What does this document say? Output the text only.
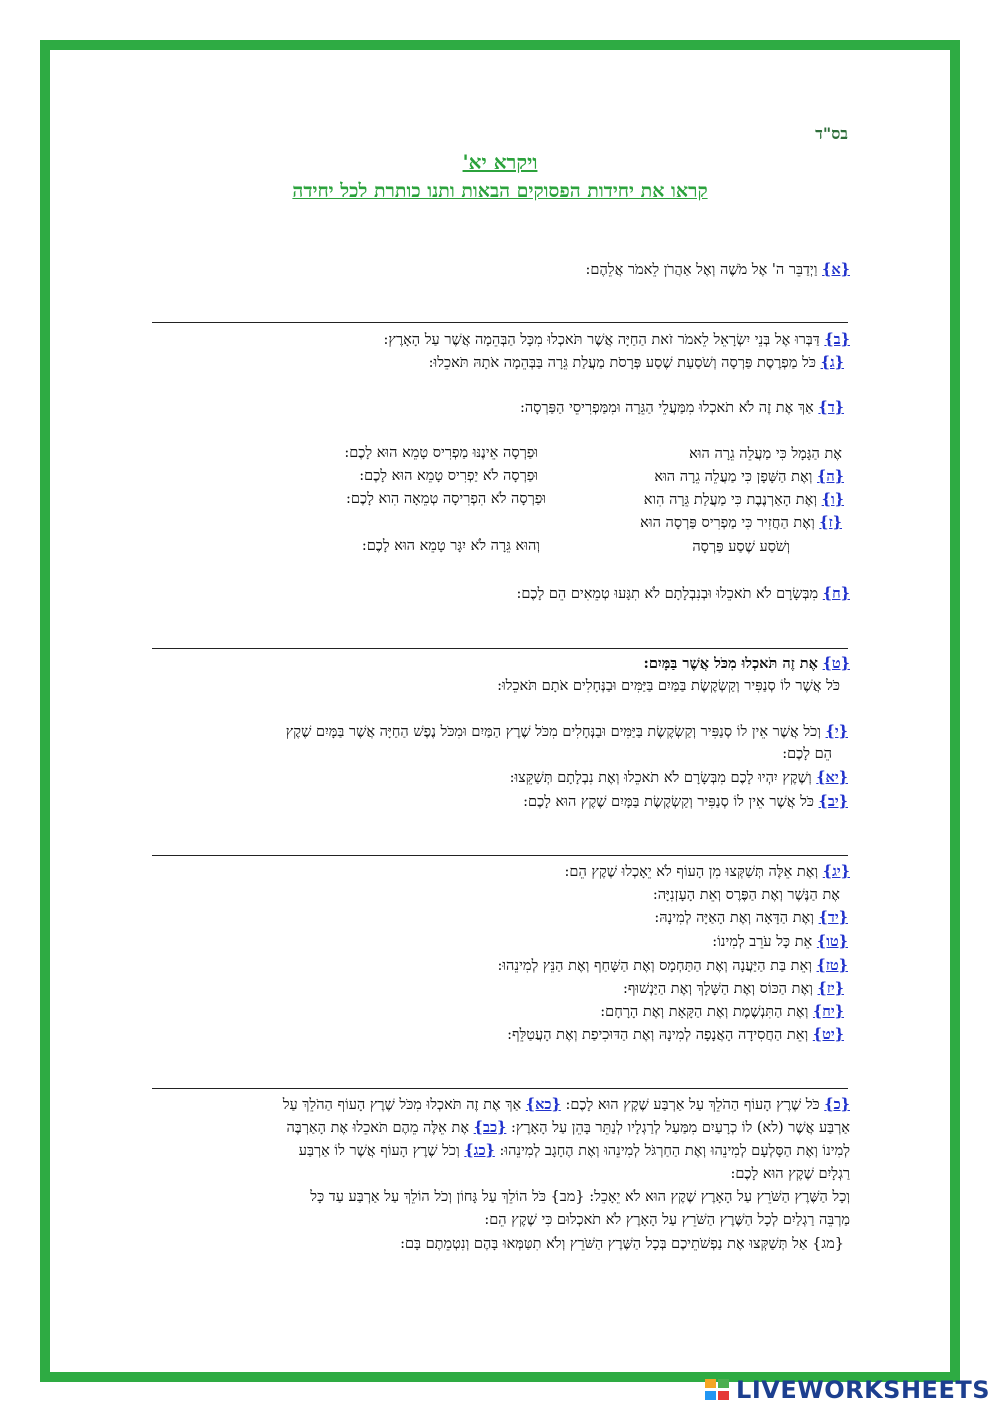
בס"ד
ויקרא יא'
קראו את יחידות הפסוקים הבאות ותנו כותרת לכל יחידה
{א} וַיְדַבֵּר ה' אֶל מֹשֶׁה וְאֶל אַהֲרֹן לֵאמֹר אֲלֵהֶם:
{ב} דַּבְּרוּ אֶל בְּנֵי יִשְׂרָאֵל לֵאמֹר זֹאת הַחַיָּה אֲשֶׁר תֹּאכְלוּ מִכָּל הַבְּהֵמָה אֲשֶׁר עַל הָאָרֶץ:
{ג} כֹּל מַפְרֶסֶת פַּרְסָה וְשֹׁסַעַת שֶׁסַע פְּרָסֹת מַעֲלַת גֵּרָה בַּבְּהֵמָה אֹתָהּ תֹּאכֵלוּ:
{ד} אַךְ אֶת זֶה לֹא תֹאכְלוּ מִמַּעֲלֵי הַגֵּרָה וּמִמַּפְרִיסֵי הַפַּרְסָה:
אֶת הַגָּמָל כִּי מַעֲלֵה גֵרָה הוּא
וּפַרְסָה אֵינֶנּוּ מַפְרִיס טָמֵא הוּא לָכֶם:
{ה} וְאֶת הַשָּׁפָן כִּי מַעֲלֵה גֵרָה הוּא
וּפַרְסָה לֹא יַפְרִיס טָמֵא הוּא לָכֶם:
{ו} וְאֶת הָאַרְנֶבֶת כִּי מַעֲלַת גֵּרָה הִוא
וּפַרְסָה לֹא הִפְרִיסָה טְמֵאָה הִוא לָכֶם:
{ז} וְאֶת הַחֲזִיר כִּי מַפְרִיס פַּרְסָה הוּא
וְשֹׁסַע שֶׁסַע פַּרְסָה
וְהוּא גֵּרָה לֹא יִגָּר טָמֵא הוּא לָכֶם:
{ח} מִבְּשָׂרָם לֹא תֹאכֵלוּ וּבְנִבְלָתָם לֹא תִגָּעוּ טְמֵאִים הֵם לָכֶם:
{ט} אֶת זֶה תֹּאכְלוּ מִכֹּל אֲשֶׁר בַּמָּיִם:
כֹּל אֲשֶׁר לוֹ סְנַפִּיר וְקַשְׂקֶשֶׂת בַּמַּיִם בַּיַּמִּים וּבַנְּחָלִים אֹתָם תֹּאכֵלוּ:
{י} וְכֹל אֲשֶׁר אֵין לוֹ סְנַפִּיר וְקַשְׂקֶשֶׂת בַּיַּמִּים וּבַנְּחָלִים מִכֹּל שֶׁרֶץ הַמַּיִם וּמִכֹּל נֶפֶשׁ הַחַיָּה אֲשֶׁר בַּמָּיִם שֶׁקֶץ
הֵם לָכֶם:
{יא} וְשֶׁקֶץ יִהְיוּ לָכֶם מִבְּשָׂרָם לֹא תֹאכֵלוּ וְאֶת נִבְלָתָם תְּשַׁקֵּצוּ:
{יב} כֹּל אֲשֶׁר אֵין לוֹ סְנַפִּיר וְקַשְׂקֶשֶׂת בַּמָּיִם שֶׁקֶץ הוּא לָכֶם:
{יג} וְאֶת אֵלֶּה תְּשַׁקְּצוּ מִן הָעוֹף לֹא יֵאָכְלוּ שֶׁקֶץ הֵם:
אֶת הַנֶּשֶׁר וְאֶת הַפֶּרֶס וְאֵת הָעָזְנִיָּה:
{יד} וְאֶת הַדָּאָה וְאֶת הָאַיָּה לְמִינָהּ:
{טו} אֵת כָּל עֹרֵב לְמִינוֹ:
{טז} וְאֵת בַּת הַיַּעֲנָה וְאֶת הַתַּחְמָס וְאֶת הַשָּׁחַף וְאֶת הַנֵּץ לְמִינֵהוּ:
{יז} וְאֶת הַכּוֹס וְאֶת הַשָּׁלָךְ וְאֶת הַיַּנְשׁוּף:
{יח} וְאֶת הַתִּנְשֶׁמֶת וְאֶת הַקָּאָת וְאֶת הָרָחָם:
{יט} וְאֵת הַחֲסִידָה הָאֲנָפָה לְמִינָהּ וְאֶת הַדּוּכִיפַת וְאֶת הָעֲטַלֵּף:
{כ} כֹּל שֶׁרֶץ הָעוֹף הַהֹלֵךְ עַל אַרְבַּע שֶׁקֶץ הוּא לָכֶם: {כא} אַךְ אֶת זֶה תֹּאכְלוּ מִכֹּל שֶׁרֶץ הָעוֹף הַהֹלֵךְ עַל
אַרְבַּע אֲשֶׁר (לא) לוֹ כְרָעַיִם מִמַּעַל לְרַגְלָיו לְנַתֵּר בָּהֵן עַל הָאָרֶץ: {כב} אֶת אֵלֶּה מֵהֶם תֹּאכֵלוּ אֶת הָאַרְבֶּה
לְמִינוֹ וְאֶת הַסָּלְעָם לְמִינֵהוּ וְאֶת הַחַרְגֹּל לְמִינֵהוּ וְאֶת הֶחָגָב לְמִינֵהוּ: {כג} וְכֹל שֶׁרֶץ הָעוֹף אֲשֶׁר לוֹ אַרְבַּע
רַגְלָיִם שֶׁקֶץ הוּא לָכֶם:
וְכָל הַשֶּׁרֶץ הַשֹּׁרֵץ עַל הָאָרֶץ שֶׁקֶץ הוּא לֹא יֵאָכֵל: {מב} כֹּל הוֹלֵךְ עַל גָּחוֹן וְכֹל הוֹלֵךְ עַל אַרְבַּע עַד כָּל
מַרְבֵּה רַגְלַיִם לְכָל הַשֶּׁרֶץ הַשֹּׁרֵץ עַל הָאָרֶץ לֹא תֹאכְלוּם כִּי שֶׁקֶץ הֵם:
{מג} אַל תְּשַׁקְּצוּ אֶת נַפְשֹׁתֵיכֶם בְּכָל הַשֶּׁרֶץ הַשֹּׁרֵץ וְלֹא תִטַּמְּאוּ בָּהֶם וְנִטְמֵתֶם בָּם:
LIVEWORKSHEETS
